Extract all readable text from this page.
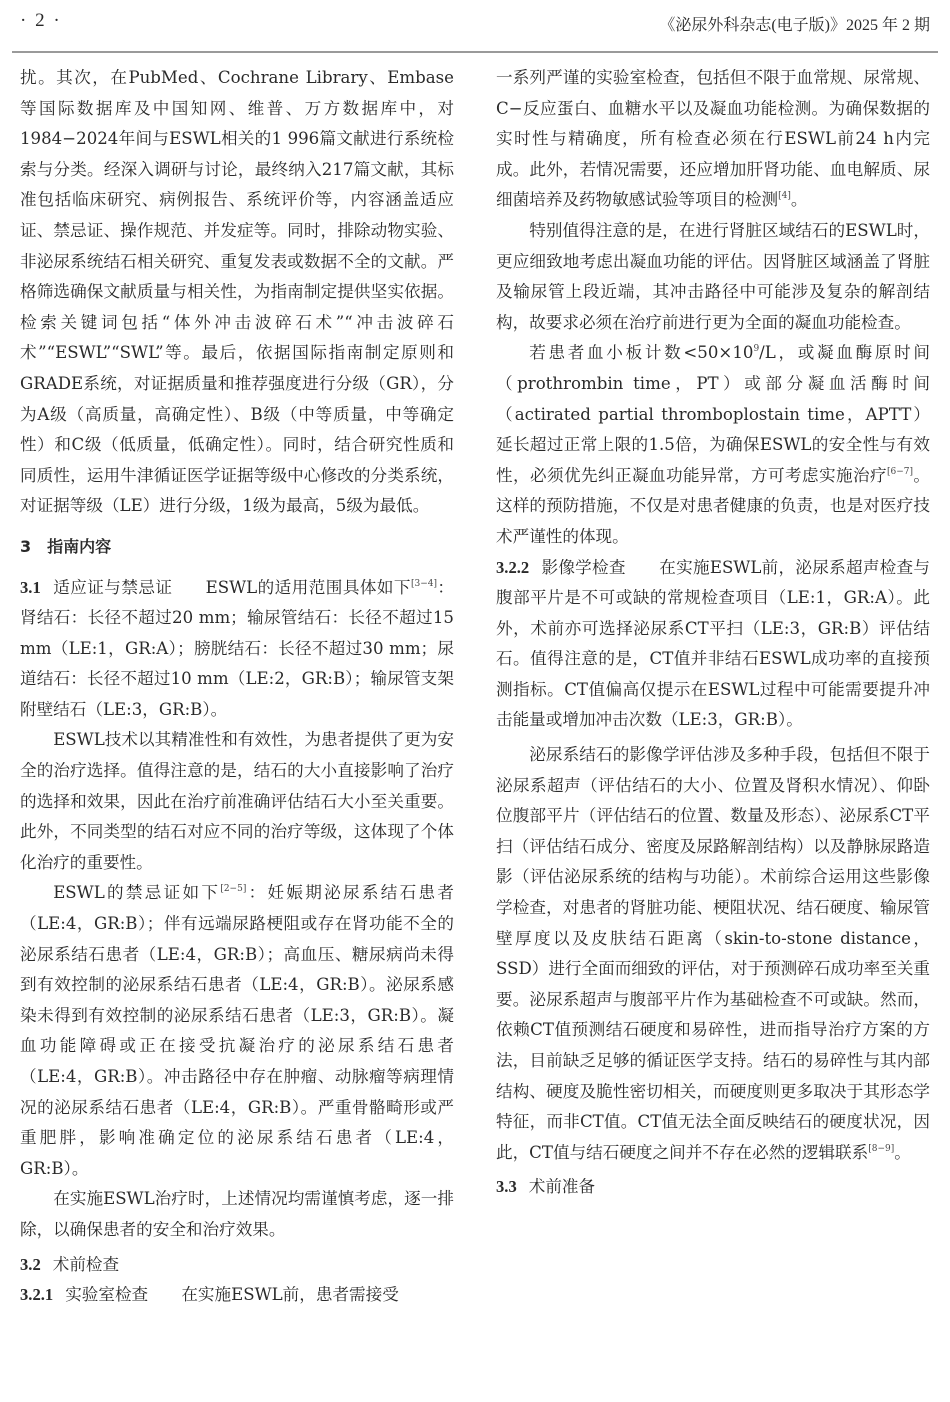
· 2 ·	《泌尿外科杂志(电子版)》2025 年 2 期

扰。其次，在PubMed、Cochrane Library、Embase等国际数据库及中国知网、维普、万方数据库中，对1984−2024年间与ESWL相关的1 996篇文献进行系统检索与分类。经深入调研与讨论，最终纳入217篇文献，其标准包括临床研究、病例报告、系统评价等，内容涵盖适应证、禁忌证、操作规范、并发症等。同时，排除动物实验、非泌尿系统结石相关研究、重复发表或数据不全的文献。严格筛选确保文献质量与相关性，为指南制定提供坚实依据。检索关键词包括“体外冲击波碎石术”“冲击波碎石术”“ESWL”“SWL”等。最后，依据国际指南制定原则和GRADE系统，对证据质量和推荐强度进行分级（GR），分为A级（高质量，高确定性）、B级（中等质量，中等确定性）和C级（低质量，低确定性）。同时，结合研究性质和同质性，运用牛津循证医学证据等级中心修改的分类系统，对证据等级（LE）进行分级，1级为最高，5级为最低。

3 指南内容

3.1 适应证与禁忌证 ESWL的适用范围具体如下[3−4]：肾结石：长径不超过20 mm；输尿管结石：长径不超过15 mm（LE:1，GR:A）；膀胱结石：长径不超过30 mm；尿道结石：长径不超过10 mm（LE:2，GR:B）；输尿管支架附壁结石（LE:3，GR:B）。

ESWL技术以其精准性和有效性，为患者提供了更为安全的治疗选择。值得注意的是，结石的大小直接影响了治疗的选择和效果，因此在治疗前准确评估结石大小至关重要。此外，不同类型的结石对应不同的治疗等级，这体现了个体化治疗的重要性。

ESWL的禁忌证如下[2−5]：妊娠期泌尿系结石患者（LE:4，GR:B）；伴有远端尿路梗阻或存在肾功能不全的泌尿系结石患者（LE:4，GR:B）；高血压、糖尿病尚未得到有效控制的泌尿系结石患者（LE:4，GR:B）。泌尿系感染未得到有效控制的泌尿系结石患者（LE:3，GR:B）。凝血功能障碍或正在接受抗凝治疗的泌尿系结石患者（LE:4，GR:B）。冲击路径中存在肿瘤、动脉瘤等病理情况的泌尿系结石患者（LE:4，GR:B）。严重骨骼畸形或严重肥胖，影响准确定位的泌尿系结石患者（LE:4，GR:B）。

在实施ESWL治疗时，上述情况均需谨慎考虑，逐一排除，以确保患者的安全和治疗效果。

3.2 术前检查

3.2.1 实验室检查 在实施ESWL前，患者需接受

一系列严谨的实验室检查，包括但不限于血常规、尿常规、C−反应蛋白、血糖水平以及凝血功能检测。为确保数据的实时性与精确度，所有检查必须在行ESWL前24 h内完成。此外，若情况需要，还应增加肝肾功能、血电解质、尿细菌培养及药物敏感试验等项目的检测[4]。

特别值得注意的是，在进行肾脏区域结石的ESWL时，更应细致地考虑出凝血功能的评估。因肾脏区域涵盖了肾脏及输尿管上段近端，其冲击路径中可能涉及复杂的解剖结构，故要求必须在治疗前进行更为全面的凝血功能检查。

若患者血小板计数$<50\times 10^9/L$，或凝血酶原时间（prothrombin time，PT）或部分凝血活酶时间（actirated partial thromboplostain time，APTT）延长超过正常上限的1.5倍，为确保ESWL的安全性与有效性，必须优先纠正凝血功能异常，方可考虑实施治疗[6−7]。这样的预防措施，不仅是对患者健康的负责，也是对医疗技术严谨性的体现。

3.2.2 影像学检查 在实施ESWL前，泌尿系超声检查与腹部平片是不可或缺的常规检查项目（LE:1，GR:A）。此外，术前亦可选择泌尿系CT平扫（LE:3，GR:B）评估结石。值得注意的是，CT值并非结石ESWL成功率的直接预测指标。CT值偏高仅提示在ESWL过程中可能需要提升冲击能量或增加冲击次数（LE:3，GR:B）。

泌尿系结石的影像学评估涉及多种手段，包括但不限于泌尿系超声（评估结石的大小、位置及肾积水情况）、仰卧位腹部平片（评估结石的位置、数量及形态）、泌尿系CT平扫（评估结石成分、密度及尿路解剖结构）以及静脉尿路造影（评估泌尿系统的结构与功能）。术前综合运用这些影像学检查，对患者的肾脏功能、梗阻状况、结石硬度、输尿管壁厚度以及皮肤结石距离（skin-to-stone distance，SSD）进行全面而细致的评估，对于预测碎石成功率至关重要。泌尿系超声与腹部平片作为基础检查不可或缺。然而，依赖CT值预测结石硬度和易碎性，进而指导治疗方案的方法，目前缺乏足够的循证医学支持。结石的易碎性与其内部结构、硬度及脆性密切相关，而硬度则更多取决于其形态学特征，而非CT值。CT值无法全面反映结石的硬度状况，因此，CT值与结石硬度之间并不存在必然的逻辑联系[8−9]。

3.3 术前准备
